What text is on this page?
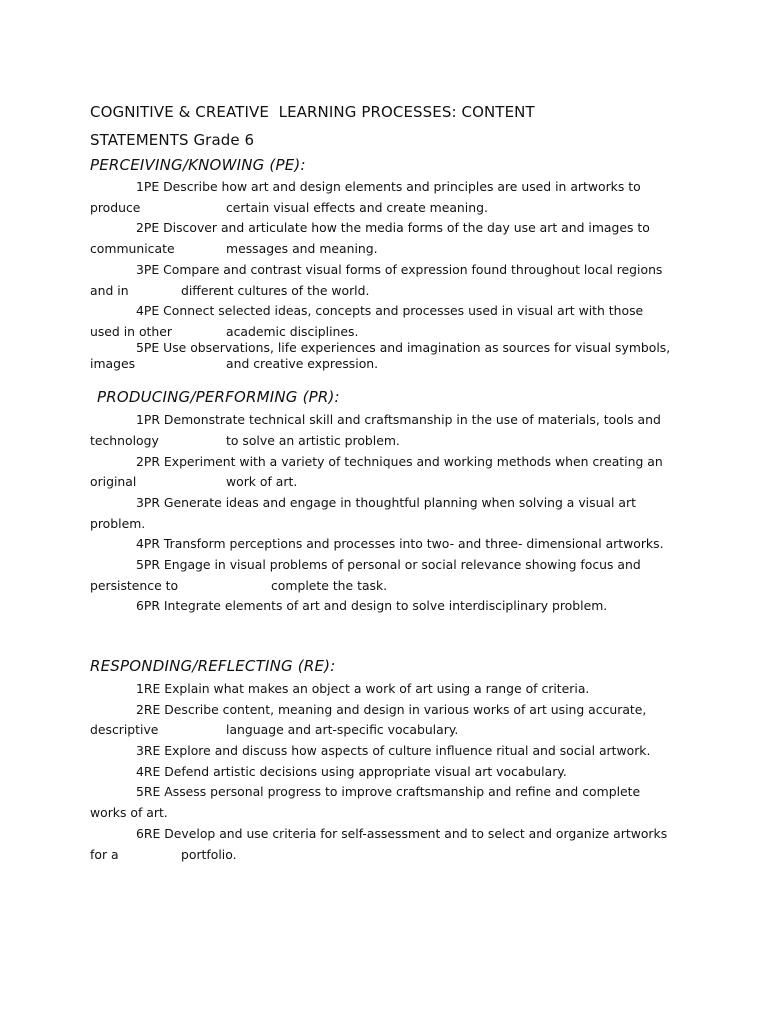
COGNITIVE & CREATIVE  LEARNING PROCESSES: CONTENT
STATEMENTS Grade 6
PERCEIVING/KNOWING (PE):
1PE Describe how art and design elements and principles are used in artworks to
produce	certain visual effects and create meaning.
2PE Discover and articulate how the media forms of the day use art and images to
communicate	messages and meaning.
3PE Compare and contrast visual forms of expression found throughout local regions
and in	different cultures of the world.
4PE Connect selected ideas, concepts and processes used in visual art with those
used in other	academic disciplines.
5PE Use observations, life experiences and imagination as sources for visual symbols,
images	and creative expression.
PRODUCING/PERFORMING (PR):
1PR Demonstrate technical skill and craftsmanship in the use of materials, tools and
technology	to solve an artistic problem.
2PR Experiment with a variety of techniques and working methods when creating an
original	work of art.
3PR Generate ideas and engage in thoughtful planning when solving a visual art
problem.
4PR Transform perceptions and processes into two- and three- dimensional artworks.
5PR Engage in visual problems of personal or social relevance showing focus and
persistence to	complete the task.
6PR Integrate elements of art and design to solve interdisciplinary problem.
RESPONDING/REFLECTING (RE):
1RE Explain what makes an object a work of art using a range of criteria.
2RE Describe content, meaning and design in various works of art using accurate,
descriptive	language and art-specific vocabulary.
3RE Explore and discuss how aspects of culture influence ritual and social artwork.
4RE Defend artistic decisions using appropriate visual art vocabulary.
5RE Assess personal progress to improve craftsmanship and refine and complete
works of art.
6RE Develop and use criteria for self-assessment and to select and organize artworks
for a	portfolio.
